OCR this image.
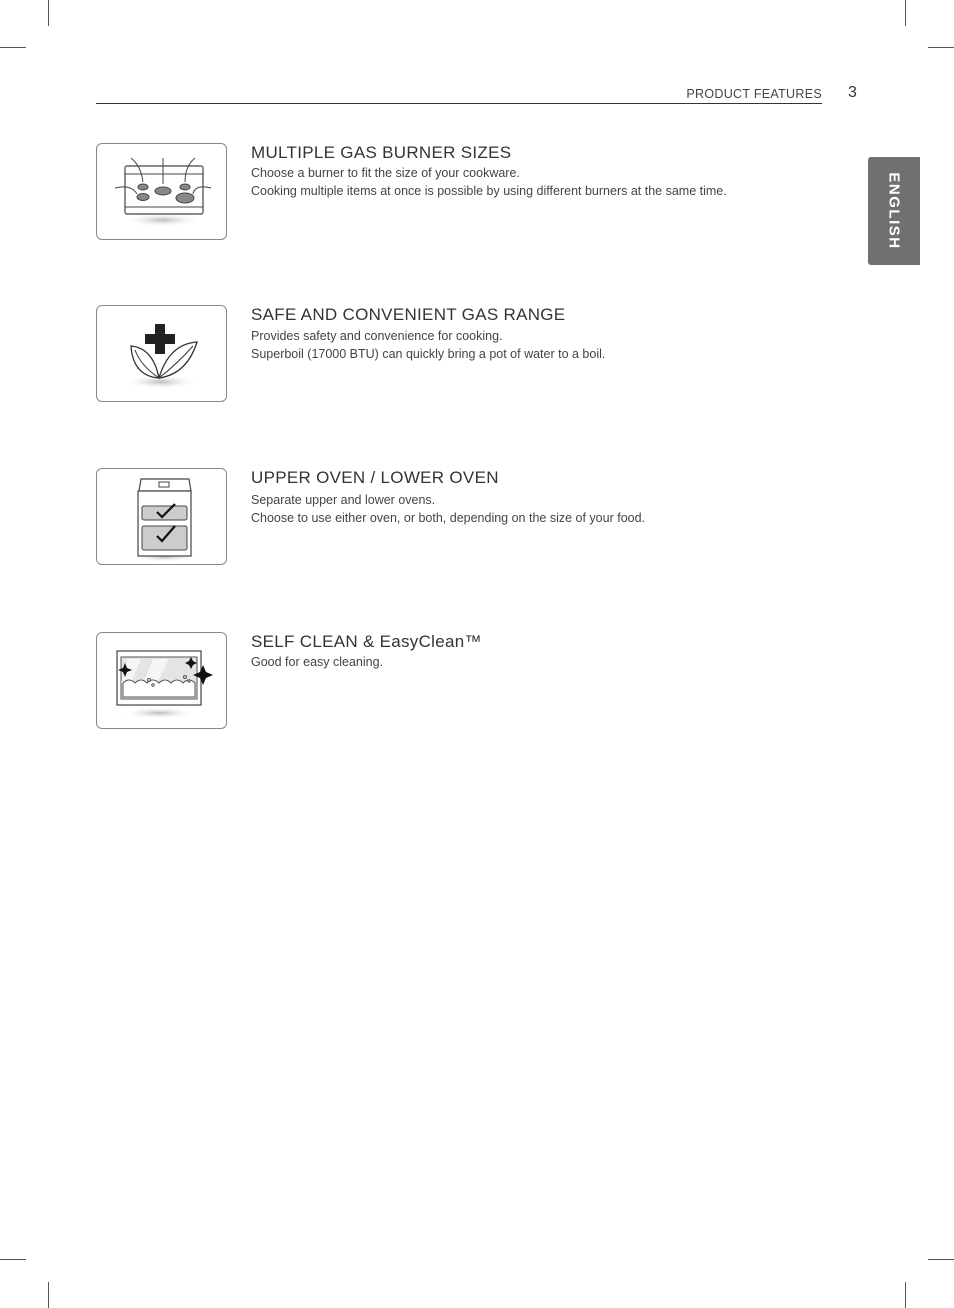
PRODUCT FEATURES 3
ENGLISH
MULTIPLE GAS BURNER SIZES
Choose a burner to fit the size of your cookware.
Cooking multiple items at once is possible by using different burners at the same time.
SAFE AND CONVENIENT GAS RANGE
Provides safety and convenience for cooking.
Superboil (17000 BTU) can quickly bring a pot of water to a boil.
UPPER OVEN / LOWER OVEN
Separate upper and lower ovens.
Choose to use either oven, or both, depending on the size of your food.
SELF CLEAN & EasyClean™
Good for easy cleaning.
